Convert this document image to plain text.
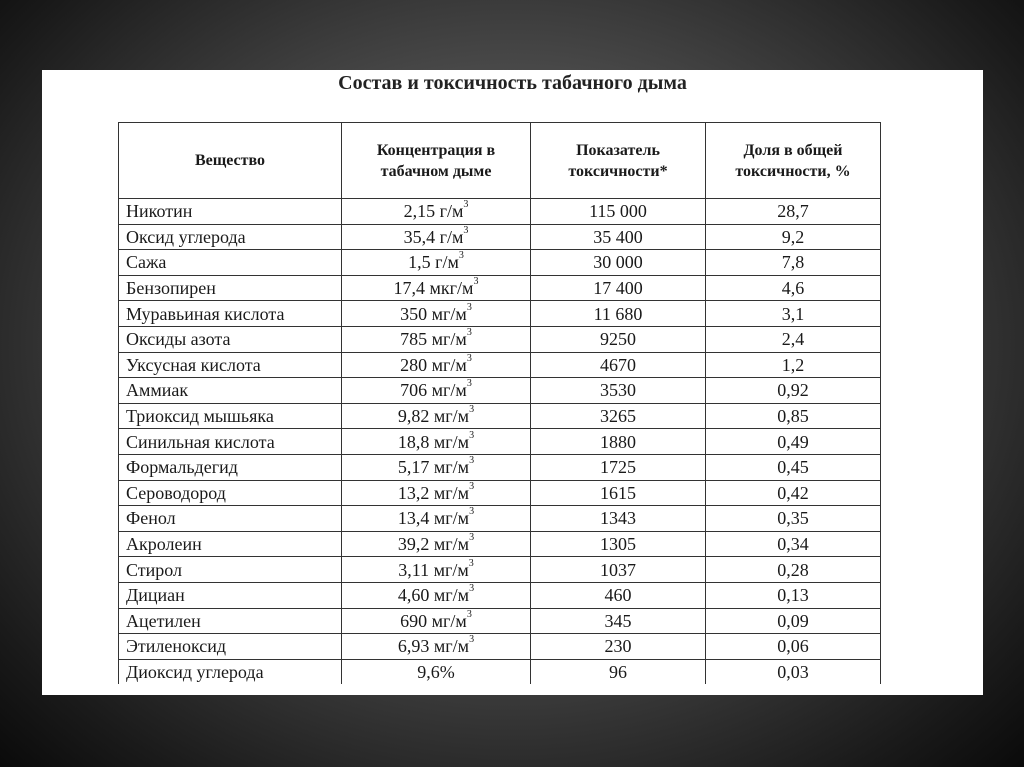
Состав и токсичность табачного дыма
Вещество	Концентрация в табачном дыме	Показатель токсичности*	Доля в общей токсичности, %
Никотин	2,15 $г/м^3$	115 000	28,7
Оксид углерода	35,4 $г/м^3$	35 400	9,2
Сажа	1,5 $г/м^3$	30 000	7,8
Бензопирен	17,4 мкг/$м^3$	17 400	4,6
Муравьиная кислота	350 $мг/м^3$	11 680	3,1
Оксиды азота	785 $мг/м^3$	9250	2,4
Уксусная кислота	280 $мг/м^3$	4670	1,2
Аммиак	706 $мг/м^3$	3530	0,92
Триоксид мышьяка	9,82 $мг/м^3$	3265	0,85
Синильная кислота	18,8 $мг/м^3$	1880	0,49
Формальдегид	5,17 $мг/м^3$	1725	0,45
Сероводород	13,2 $мг/м^3$	1615	0,42
Фенол	13,4 $мг/м^3$	1343	0,35
Акролеин	39,2 $мг/м^3$	1305	0,34
Стирол	3,11 $мг/м^3$	1037	0,28
Дициан	4,60 $мг/м^3$	460	0,13
Ацетилен	690 $мг/м^3$	345	0,09
Этиленоксид	6,93 $мг/м^3$	230	0,06
Диоксид углерода	9,6%	96	0,03
